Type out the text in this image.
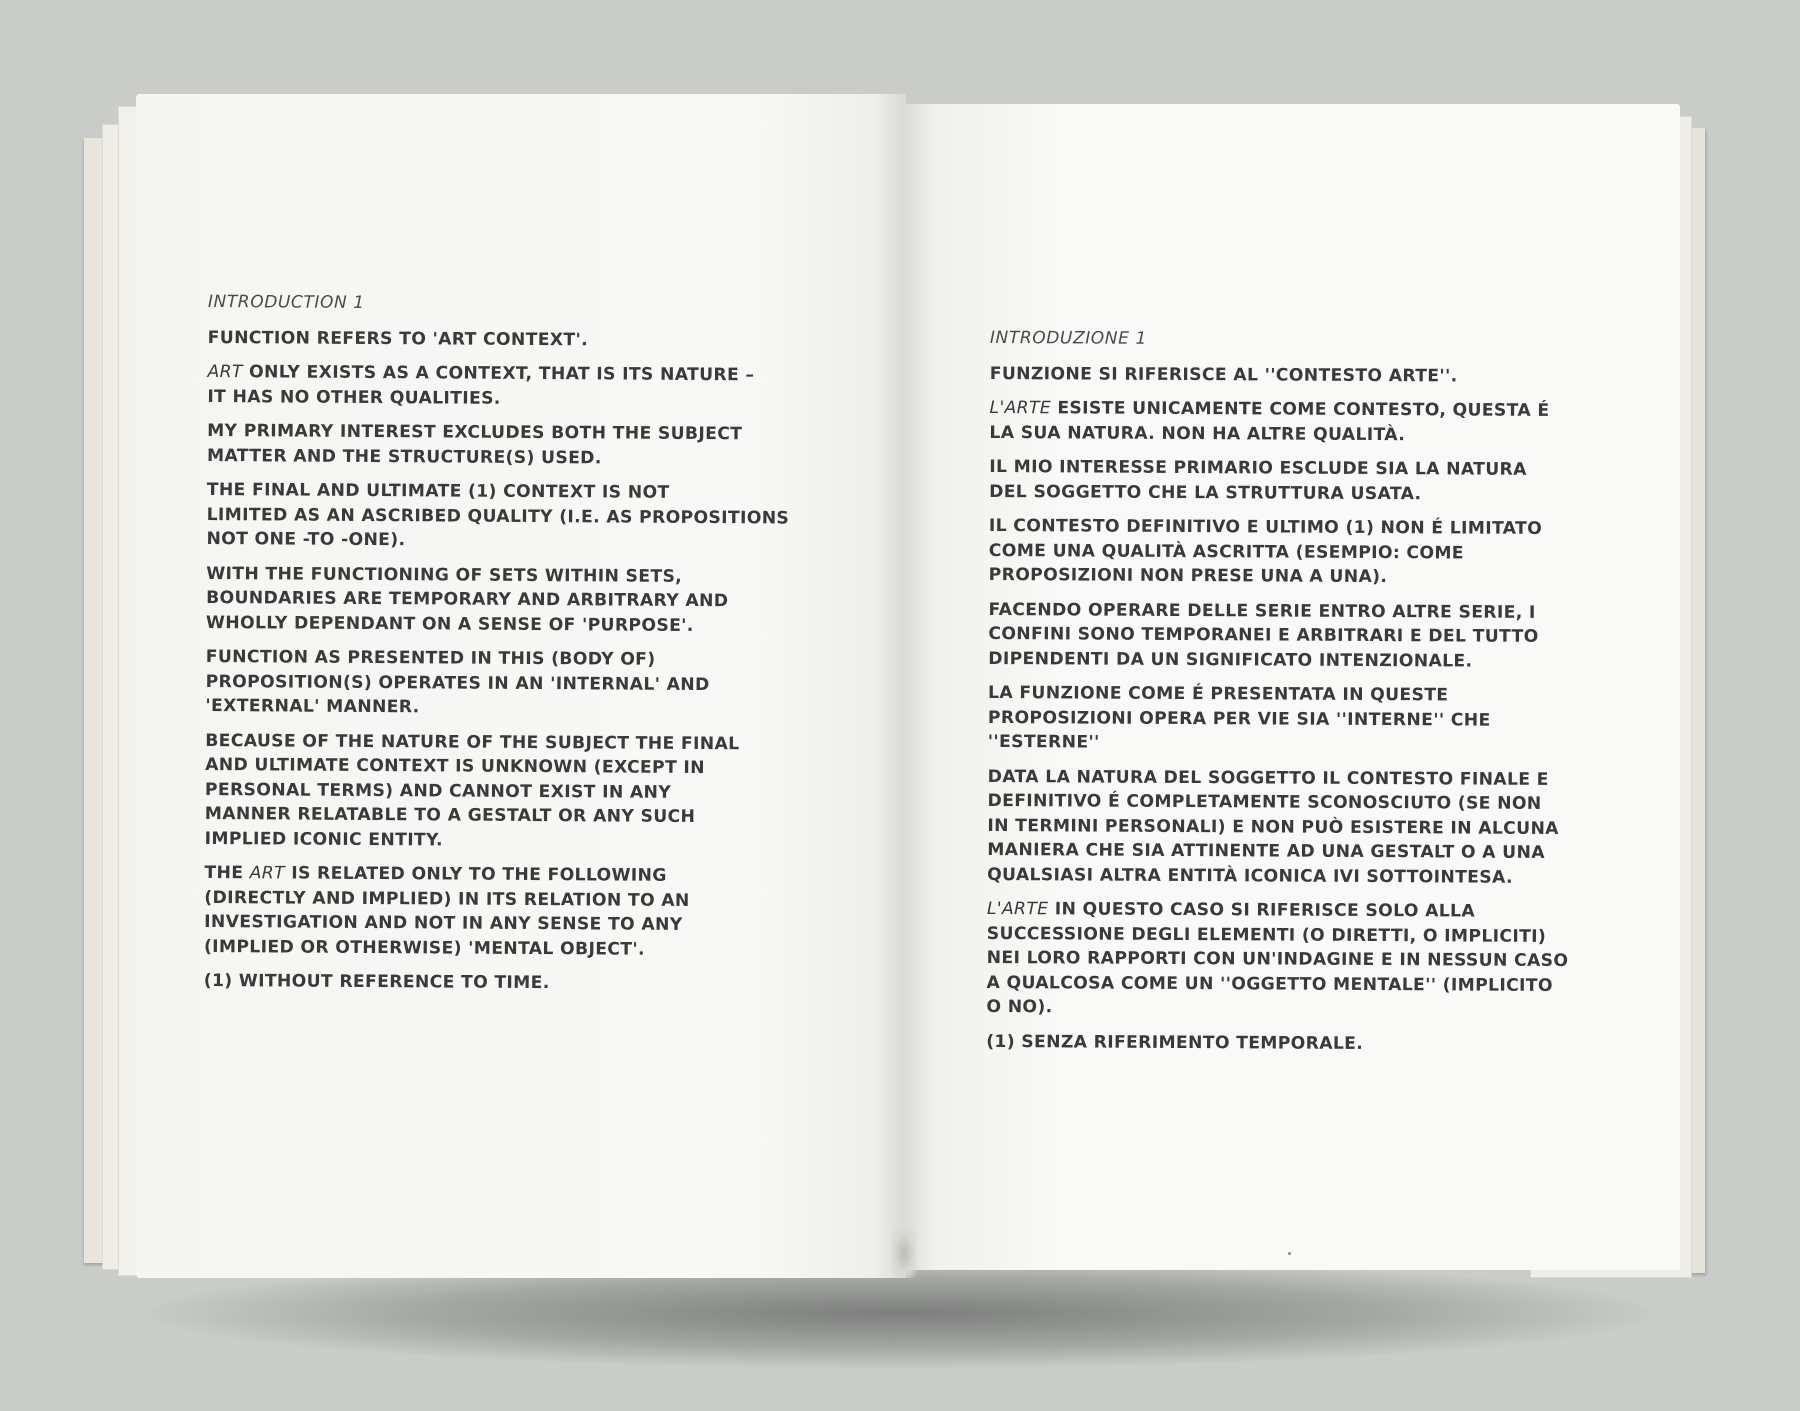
INTRODUCTION 1
FUNCTION REFERS TO 'ART CONTEXT'.
ART ONLY EXISTS AS A CONTEXT, THAT IS ITS NATURE –
IT HAS NO OTHER QUALITIES.
MY PRIMARY INTEREST EXCLUDES BOTH THE SUBJECT
MATTER AND THE STRUCTURE(S) USED.
THE FINAL AND ULTIMATE (1) CONTEXT IS NOT
LIMITED AS AN ASCRIBED QUALITY (I.E. AS PROPOSITIONS
NOT ONE -TO -ONE).
WITH THE FUNCTIONING OF SETS WITHIN SETS,
BOUNDARIES ARE TEMPORARY AND ARBITRARY AND
WHOLLY DEPENDANT ON A SENSE OF 'PURPOSE'.
FUNCTION AS PRESENTED IN THIS (BODY OF)
PROPOSITION(S) OPERATES IN AN 'INTERNAL' AND
'EXTERNAL' MANNER.
BECAUSE OF THE NATURE OF THE SUBJECT THE FINAL
AND ULTIMATE CONTEXT IS UNKNOWN (EXCEPT IN
PERSONAL TERMS) AND CANNOT EXIST IN ANY
MANNER RELATABLE TO A GESTALT OR ANY SUCH
IMPLIED ICONIC ENTITY.
THE ART IS RELATED ONLY TO THE FOLLOWING
(DIRECTLY AND IMPLIED) IN ITS RELATION TO AN
INVESTIGATION AND NOT IN ANY SENSE TO ANY
(IMPLIED OR OTHERWISE) 'MENTAL OBJECT'.
(1) WITHOUT REFERENCE TO TIME.
INTRODUZIONE 1
FUNZIONE SI RIFERISCE AL ''CONTESTO ARTE''.
L'ARTE ESISTE UNICAMENTE COME CONTESTO, QUESTA É
LA SUA NATURA. NON HA ALTRE QUALITÀ.
IL MIO INTERESSE PRIMARIO ESCLUDE SIA LA NATURA
DEL SOGGETTO CHE LA STRUTTURA USATA.
IL CONTESTO DEFINITIVO E ULTIMO (1) NON É LIMITATO
COME UNA QUALITÀ ASCRITTA (ESEMPIO: COME
PROPOSIZIONI NON PRESE UNA A UNA).
FACENDO OPERARE DELLE SERIE ENTRO ALTRE SERIE, I
CONFINI SONO TEMPORANEI E ARBITRARI E DEL TUTTO
DIPENDENTI DA UN SIGNIFICATO INTENZIONALE.
LA FUNZIONE COME É PRESENTATA IN QUESTE
PROPOSIZIONI OPERA PER VIE SIA ''INTERNE'' CHE
''ESTERNE''
DATA LA NATURA DEL SOGGETTO IL CONTESTO FINALE E
DEFINITIVO É COMPLETAMENTE SCONOSCIUTO (SE NON
IN TERMINI PERSONALI) E NON PUÒ ESISTERE IN ALCUNA
MANIERA CHE SIA ATTINENTE AD UNA GESTALT O A UNA
QUALSIASI ALTRA ENTITÀ ICONICA IVI SOTTOINTESA.
L'ARTE IN QUESTO CASO SI RIFERISCE SOLO ALLA
SUCCESSIONE DEGLI ELEMENTI (O DIRETTI, O IMPLICITI)
NEI LORO RAPPORTI CON UN'INDAGINE E IN NESSUN CASO
A QUALCOSA COME UN ''OGGETTO MENTALE'' (IMPLICITO
O NO).
(1) SENZA RIFERIMENTO TEMPORALE.
